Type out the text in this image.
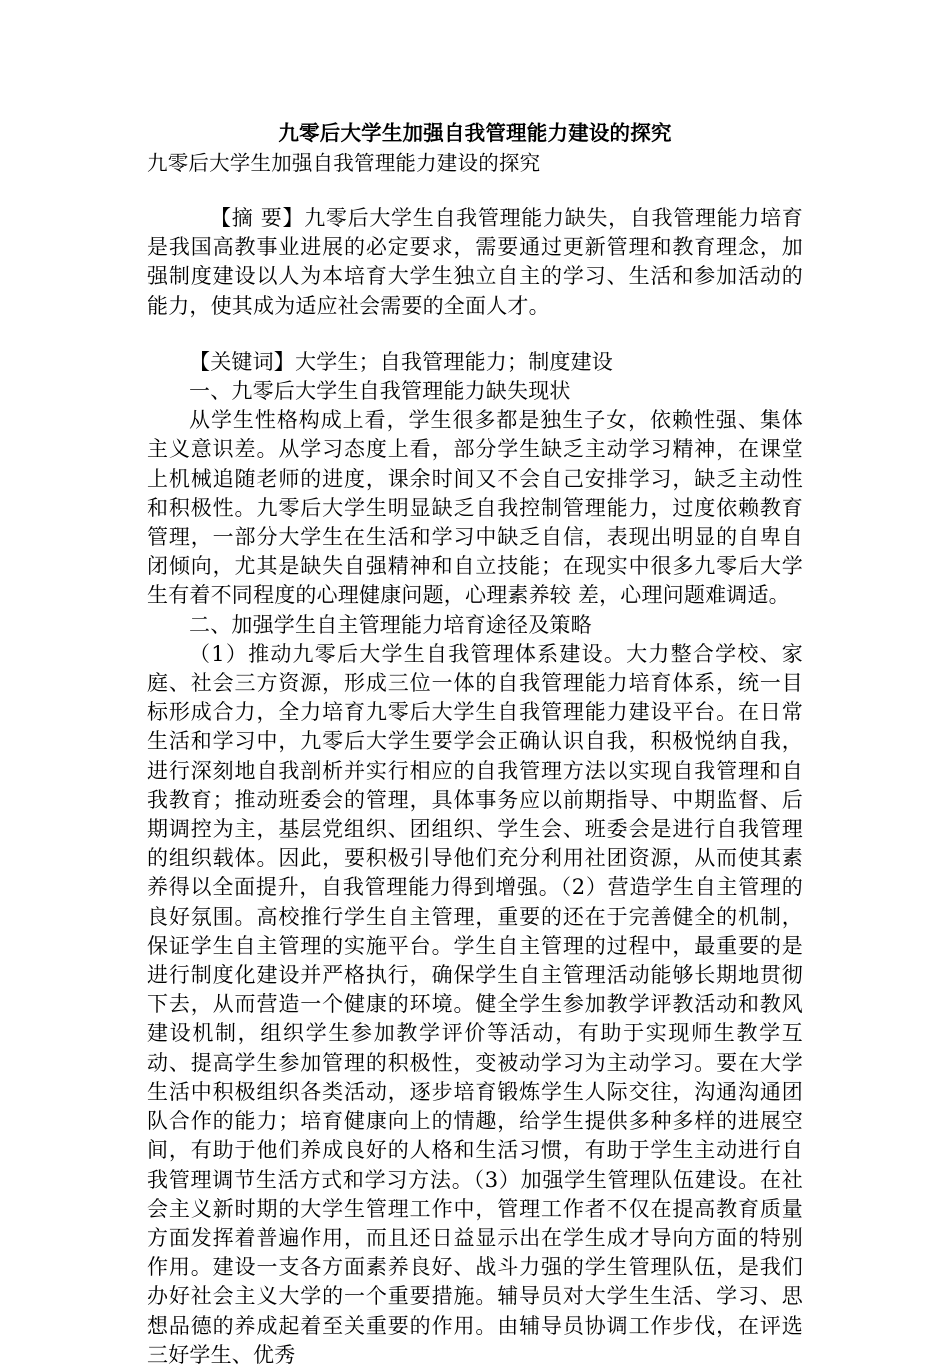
九零后大学生加强自我管理能力建设的探究

九零后大学生加强自我管理能力建设的探究

【摘 要】九零后大学生自我管理能力缺失，自我管理能力培育是我国高教事业进展的必定要求，需要通过更新管理和教育理念，加强制度建设以人为本培育大学生独立自主的学习、生活和参加活动的能力，使其成为适应社会需要的全面人才。

【关键词】大学生；自我管理能力；制度建设

一、九零后大学生自我管理能力缺失现状

从学生性格构成上看，学生很多都是独生子女，依赖性强、集体主义意识差。从学习态度上看，部分学生缺乏主动学习精神，在课堂上机械追随老师的进度，课余时间又不会自己安排学习，缺乏主动性和积极性。九零后大学生明显缺乏自我控制管理能力，过度依赖教育管理，一部分大学生在生活和学习中缺乏自信，表现出明显的自卑自闭倾向，尤其是缺失自强精神和自立技能；在现实中很多九零后大学生有着不同程度的心理健康问题，心理素养较 差，心理问题难调适。

二、加强学生自主管理能力培育途径及策略

（1）推动九零后大学生自我管理体系建设。大力整合学校、家庭、社会三方资源，形成三位一体的自我管理能力培育体系，统一目标形成合力，全力培育九零后大学生自我管理能力建设平台。在日常生活和学习中，九零后大学生要学会正确认识自我，积极悦纳自我，进行深刻地自我剖析并实行相应的自我管理方法以实现自我管理和自我教育；推动班委会的管理，具体事务应以前期指导、中期监督、后期调控为主，基层党组织、团组织、学生会、班委会是进行自我管理的组织载体。因此，要积极引导他们充分利用社团资源，从而使其素养得以全面提升，自我管理能力得到增强。（2）营造学生自主管理的良好氛围。高校推行学生自主管理，重要的还在于完善健全的机制，保证学生自主管理的实施平台。学生自主管理的过程中，最重要的是进行制度化建设并严格执行，确保学生自主管理活动能够长期地贯彻下去，从而营造一个健康的环境。健全学生参加教学评教活动和教风建设机制，组织学生参加教学评价等活动，有助于实现师生教学互动、提高学生参加管理的积极性，变被动学习为主动学习。要在大学生活中积极组织各类活动，逐步培育锻炼学生人际交往，沟通沟通团队合作的能力；培育健康向上的情趣，给学生提供多种多样的进展空间，有助于他们养成良好的人格和生活习惯，有助于学生主动进行自我管理调节生活方式和学习方法。（3）加强学生管理队伍建设。在社会主义新时期的大学生管理工作中，管理工作者不仅在提高教育质量方面发挥着普遍作用，而且还日益显示出在学生成才导向方面的特别作用。建设一支各方面素养良好、战斗力强的学生管理队伍，是我们办好社会主义大学的一个重要措施。辅导员对大学生生活、学习、思想品德的养成起着至关重要的作用。由辅导员协调工作步伐，在评选三好学生、优秀
